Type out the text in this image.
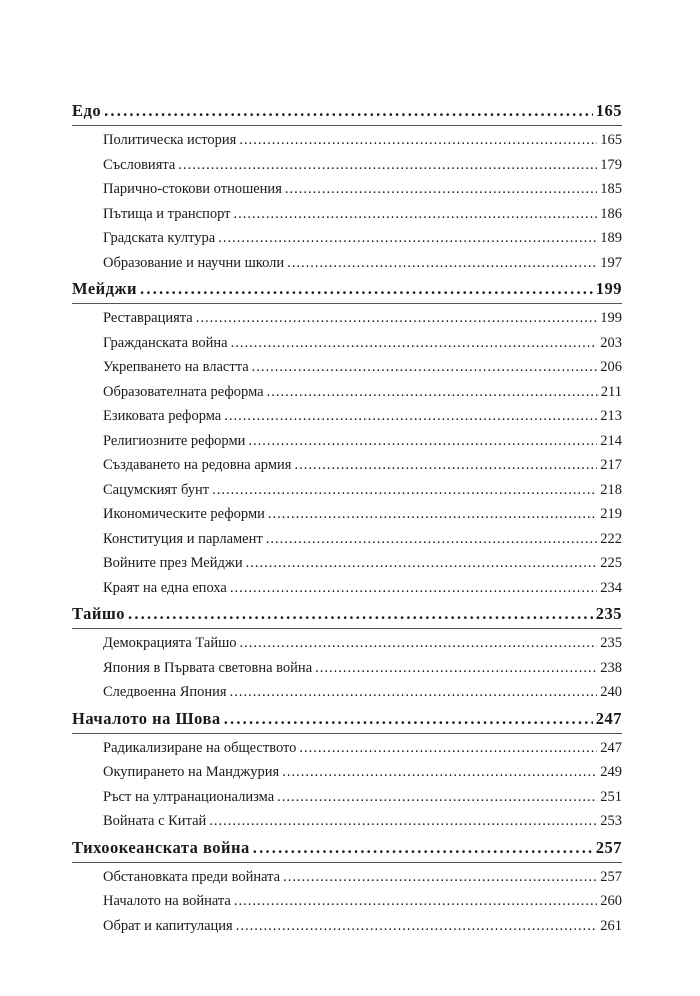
Едо .....	165
Политическа история .....	165
Съсловията .....	179
Парично-стокови отношения .....	185
Пътища и транспорт .....	186
Градската култура .....	189
Образование и научни школи .....	197
Мейджи .....	199
Реставрацията .....	199
Гражданската война .....	203
Укрепването на властта .....	206
Образователната реформа .....	211
Езиковата реформа .....	213
Религиозните реформи .....	214
Създаването на редовна армия .....	217
Сацумският бунт .....	218
Икономическите реформи .....	219
Конституция и парламент .....	222
Войните през Мейджи .....	225
Краят на една епоха .....	234
Тайшо .....	235
Демокрацията Тайшо .....	235
Япония в Първата световна война .....	238
Следвоенна Япония .....	240
Началото на Шова .....	247
Радикализиране на обществото .....	247
Окупирането на Манджурия .....	249
Ръст на ултранационализма .....	251
Войната с Китай .....	253
Тихоокеанската война .....	257
Обстановката преди войната .....	257
Началото на войната .....	260
Обрат и капитулация .....	261
